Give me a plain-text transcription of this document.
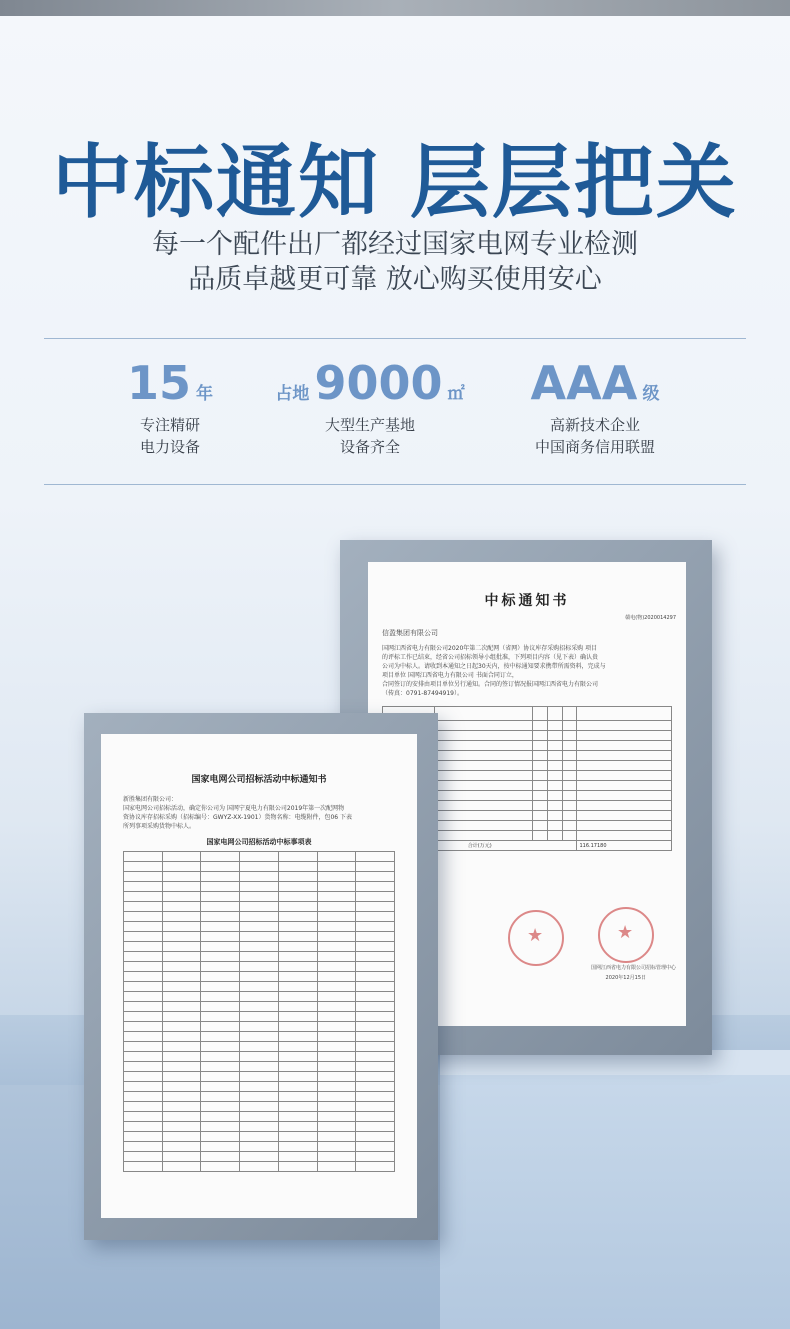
中标通知 层层把关
每一个配件出厂都经过国家电网专业检测
品质卓越更可靠 放心购买使用安心
15 年
专注精研
电力设备
占地 9000 ㎡
大型生产基地
设备齐全
AAA 级
高新技术企业
中国商务信用联盟
中标通知书
赣电(物)2020014297
信盈集团有限公司
国网江西省电力有限公司2020年第二次配网（省网）协议库存采购招标采购 项目
的评标工作已结束，经省公司招标领导小组批准，下列项目内容（见下表）确认贵
公司为中标人。请收到本通知之日起30天内，按中标通知要求携带所需资料，完成与
项目单位 国网江西省电力有限公司 书面合同订立，
合同签订的安排由项目单位另行通知。合同的签订情况报国网江西省电力有限公司
（传真：0791-87494919）。

合计(万元)					116.17180
★
★
国网江西省电力有限公司招标管理中心
2020年12月15日
国家电网公司招标活动中标通知书
新胜集团有限公司：
国家电网公司招标活动，确定你公司为 国网宁夏电力有限公司2019年第一次配网物
资协议库存招标采购（招标编号：GWYZ-XX-1901）货物名称：电缆附件，包06 下表
所列事项采购货物中标人。
国家电网公司招标活动中标事项表
